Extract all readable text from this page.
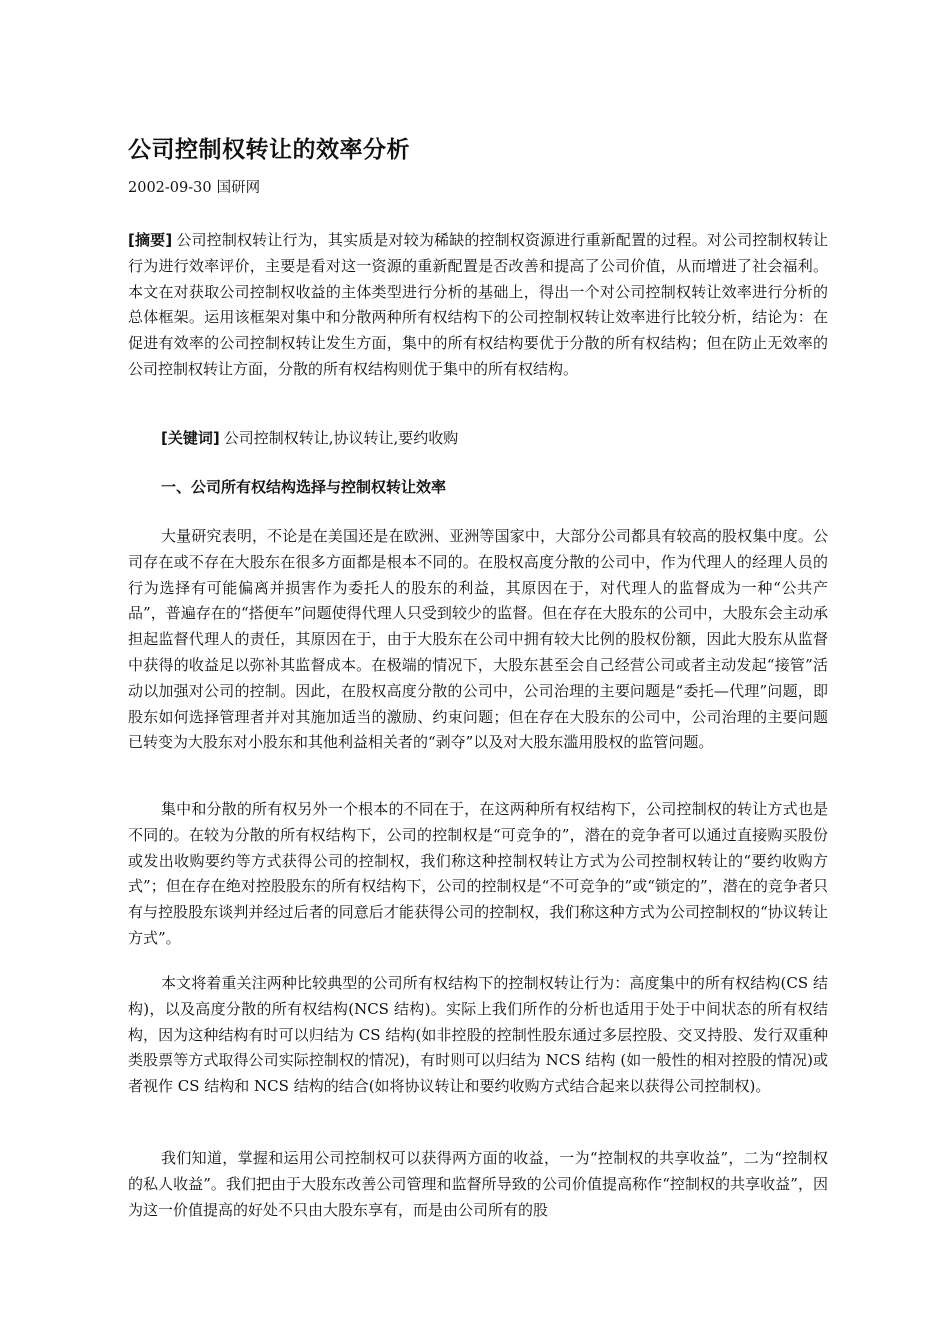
公司控制权转让的效率分析
2002-09-30 国研网

[摘要] 公司控制权转让行为，其实质是对较为稀缺的控制权资源进行重新配置的过程。对公司控制权转让行为进行效率评价，主要是看对这一资源的重新配置是否改善和提高了公司价值，从而增进了社会福利。本文在对获取公司控制权收益的主体类型进行分析的基础上，得出一个对公司控制权转让效率进行分析的总体框架。运用该框架对集中和分散两种所有权结构下的公司控制权转让效率进行比较分析，结论为：在促进有效率的公司控制权转让发生方面，集中的所有权结构要优于分散的所有权结构；但在防止无效率的公司控制权转让方面，分散的所有权结构则优于集中的所有权结构。

[关键词] 公司控制权转让,协议转让,要约收购
一、公司所有权结构选择与控制权转让效率

大量研究表明，不论是在美国还是在欧洲、亚洲等国家中，大部分公司都具有较高的股权集中度。公司存在或不存在大股东在很多方面都是根本不同的。在股权高度分散的公司中，作为代理人的经理人员的行为选择有可能偏离并损害作为委托人的股东的利益，其原因在于，对代理人的监督成为一种“公共产品”，普遍存在的“搭便车”问题使得代理人只受到较少的监督。但在存在大股东的公司中，大股东会主动承担起监督代理人的责任，其原因在于，由于大股东在公司中拥有较大比例的股权份额，因此大股东从监督中获得的收益足以弥补其监督成本。在极端的情况下，大股东甚至会自己经营公司或者主动发起“接管”活动以加强对公司的控制。因此，在股权高度分散的公司中，公司治理的主要问题是“委托—代理”问题，即股东如何选择管理者并对其施加适当的激励、约束问题；但在存在大股东的公司中，公司治理的主要问题已转变为大股东对小股东和其他利益相关者的“剥夺”以及对大股东滥用股权的监管问题。

集中和分散的所有权另外一个根本的不同在于，在这两种所有权结构下，公司控制权的转让方式也是不同的。在较为分散的所有权结构下，公司的控制权是“可竞争的”，潜在的竞争者可以通过直接购买股份或发出收购要约等方式获得公司的控制权，我们称这种控制权转让方式为公司控制权转让的“要约收购方式”；但在存在绝对控股股东的所有权结构下，公司的控制权是“不可竞争的”或“锁定的”，潜在的竞争者只有与控股股东谈判并经过后者的同意后才能获得公司的控制权，我们称这种方式为公司控制权的“协议转让方式”。

本文将着重关注两种比较典型的公司所有权结构下的控制权转让行为：高度集中的所有权结构(CS 结构)，以及高度分散的所有权结构(NCS 结构)。实际上我们所作的分析也适用于处于中间状态的所有权结构，因为这种结构有时可以归结为 CS 结构(如非控股的控制性股东通过多层控股、交叉持股、发行双重种类股票等方式取得公司实际控制权的情况)，有时则可以归结为 NCS 结构 (如一般性的相对控股的情况)或者视作 CS 结构和 NCS 结构的结合(如将协议转让和要约收购方式结合起来以获得公司控制权)。

我们知道，掌握和运用公司控制权可以获得两方面的收益，一为“控制权的共享收益”，二为“控制权的私人收益”。我们把由于大股东改善公司管理和监督所导致的公司价值提高称作“控制权的共享收益”，因为这一价值提高的好处不只由大股东享有，而是由公司所有的股
